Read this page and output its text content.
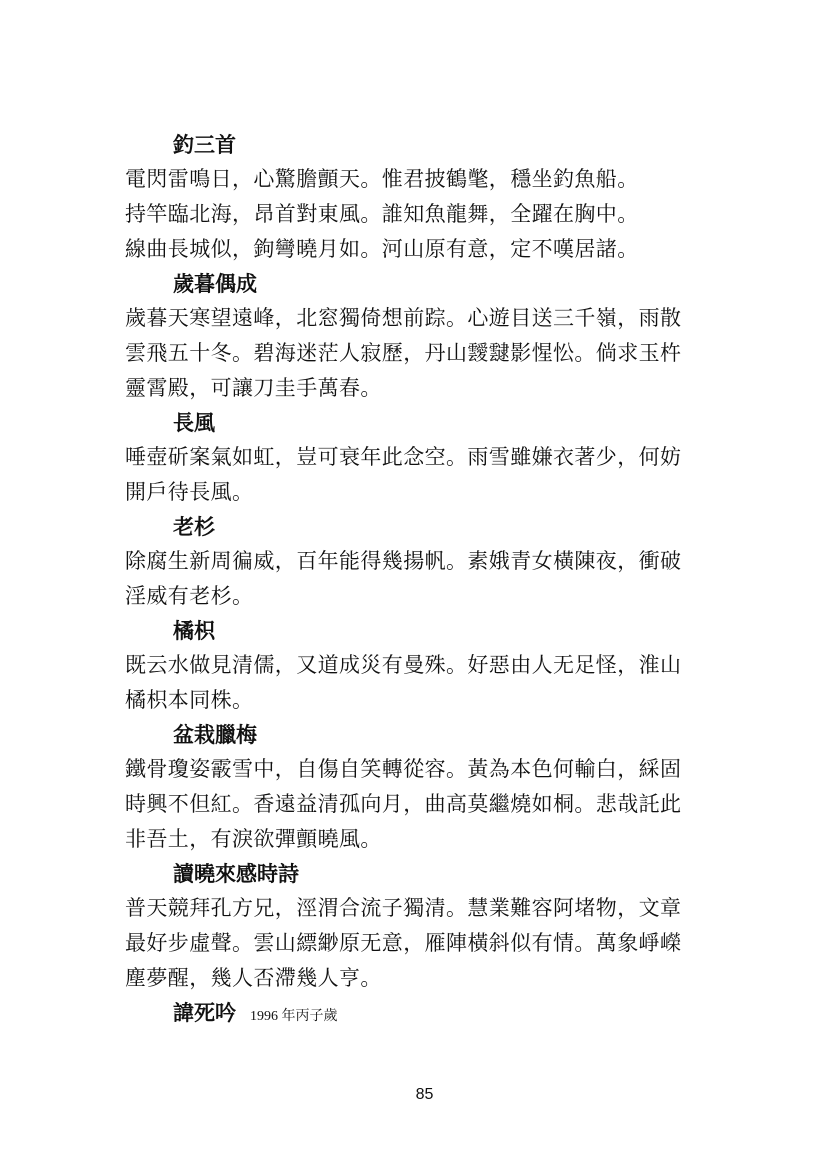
釣三首
電閃雷鳴日，心驚膽顫天。惟君披鶴氅，穩坐釣魚船。
持竿臨北海，昂首對東風。誰知魚龍舞，全躍在胸中。
線曲長城似，鉤彎曉月如。河山原有意，定不嘆居諸。
歲暮偶成
歲暮天寒望遠峰，北窓獨倚想前踪。心遊目送三千嶺，雨散
雲飛五十冬。碧海迷茫人寂歷，丹山靉靆影惺忪。倘求玉杵
靈霄殿，可讓刀圭手萬春。
長風
唾壺斫案氣如虹，豈可衰年此念空。雨雪雖嫌衣著少，何妨
開戶待長風。
老杉
除腐生新周徧威，百年能得幾揚帆。素娥青女橫陳夜，衝破
淫威有老杉。
橘枳
既云水做見清儒，又道成災有曼殊。好惡由人无足怪，淮山
橘枳本同株。
盆栽臘梅
鐵骨瓊姿霰雪中，自傷自笑轉從容。黃為本色何輸白，綵固
時興不但紅。香遠益清孤向月，曲高莫繼燒如桐。悲哉託此
非吾土，有淚欲彈顫曉風。
讀曉來感時詩
普天競拜孔方兄，涇渭合流子獨清。慧業難容阿堵物，文章
最好步虛聲。雲山縹緲原无意，雁陣橫斜似有情。萬象崢嶸
塵夢醒，幾人否滯幾人亨。
諱死吟 1996 年丙子歲
85
